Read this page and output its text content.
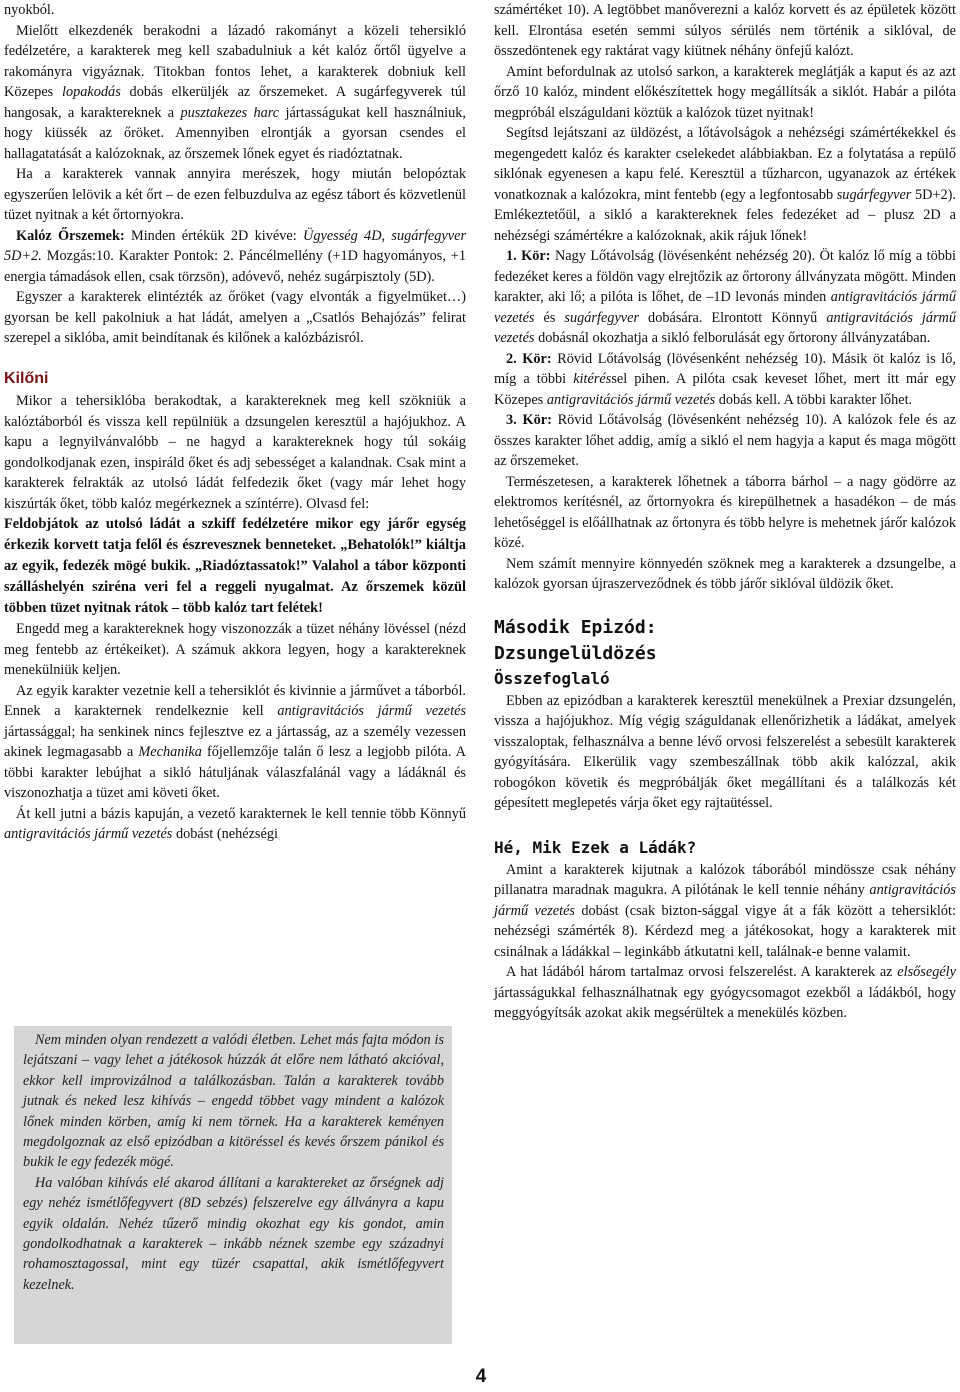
nyokból.

Mielőtt elkezdenék berakodni a lázadó rakományt a közeli tehersikló fedélzetére, a karakterek meg kell szabadulniuk a két kalóz őrtől ügyelve a rakományra vigyáznak. Titokban fontos lehet, a karakterek dobniuk kell Közepes lopakodás dobás elkerüljék az őrszemeket. A sugárfegyverek túl hangosak, a karaktereknek a pusztakezes harc jártasságukat kell használniuk, hogy kiüssék az őröket. Amennyiben elrontják a gyorsan csendes el hallagatatását a kalózoknak, az őrszemek lőnek egyet és riadóztatnak.

Ha a karakterek vannak annyira merészek, hogy miután belopóztak egyszerűen lelövik a két őrt – de ezen felbuzdulva az egész tábort és közvetlenül tüzet nyitnak a két őrtornyokra.

Kalóz Őrszemek: Minden értékük 2D kivéve: Ügyesség 4D, sugárfegyver 5D+2. Mozgás:10. Karakter Pontok: 2. Páncélmellény (+1D hagyományos, +1 energia támadások ellen, csak törzsön), adóvevő, nehéz sugárpisztoly (5D).

Egyszer a karakterek elintézték az őröket (vagy elvonták a figyelmüket…) gyorsan be kell pakolniuk a hat ládát, amelyen a „Csatlós Behajózás” felirat szerepel a siklóba, amit beindítanak és kilőnek a kalózbázisról.

Kilőni

Mikor a tehersiklóba berakodtak, a karaktereknek meg kell szökniük a kalóztáborból és vissza kell repülniük a dzsungelen keresztül a hajójukhoz. A kapu a legnyilvánvalóbb – ne hagyd a karaktereknek hogy túl sokáig gondolkodjanak ezen, inspiráld őket és adj sebességet a kalandnak. Csak mint a karakterek felrakták az utolsó ládát felfedezik őket (vagy már lehet hogy kiszúrták őket, több kalóz megérkeznek a színtérre). Olvasd fel:

Feldobjátok az utolsó ládát a szkiff fedélzetére mikor egy járőr egység érkezik korvett tatja felől és észrevesznek benneteket. „Behatolók!” kiáltja az egyik, fedezék mögé bukik. „Riadóztassatok!” Valahol a tábor központi szálláshelyén sziréna veri fel a reggeli nyugalmat. Az őrszemek közül többen tüzet nyitnak rátok – több kalóz tart felétek!

Engedd meg a karaktereknek hogy viszonozzák a tüzet néhány lövéssel (nézd meg fentebb az értékeiket). A számuk akkora legyen, hogy a karaktereknek menekülniük keljen.

Az egyik karakter vezetnie kell a tehersiklót és kivinnie a járművet a táborból. Ennek a karakternek rendelkeznie kell antigravitációs jármű vezetés jártassággal; ha senkinek nincs fejlesztve ez a jártasság, az a személy vezessen akinek legmagasabb a Mechanika főjellemzője talán ő lesz a legjobb pilóta. A többi karakter lebújhat a sikló hátuljának válaszfalánál vagy a ládáknál és viszonozhatja a tüzet ami követi őket.

Át kell jutni a bázis kapuján, a vezető karakternek le kell tennie több Könnyű antigravitációs jármű vezetés dobást (nehézségi

Nem minden olyan rendezett a valódi életben. Lehet más fajta módon is lejátszani – vagy lehet a játékosok húzzák át előre nem látható akcióval, ekkor kell improvizálnod a találkozásban. Talán a karakterek tovább jutnak és neked lesz kihívás – engedd többet vagy mindent a kalózok lőnek minden körben, amíg ki nem törnek. Ha a karakterek keményen megdolgoznak az első epizódban a kitöréssel és kevés őrszem pánikol és bukik le egy fedezék mögé.

Ha valóban kihívás elé akarod állítani a karaktereket az őrségnek adj egy nehéz ismétlőfegyvert (8D sebzés) felszerelve egy állványra a kapu egyik oldalán. Nehéz tűzerő mindig okozhat egy kis gondot, amin gondolkodhatnak a karakterek – inkább néznek szembe egy századnyi rohamosztagossal, mint egy tüzér csapattal, akik ismétlőfegyvert kezelnek.

számértéket 10). A legtöbbet manőverezni a kalóz korvett és az épületek között kell. Elrontása esetén semmi súlyos sérülés nem történik a siklóval, de összedöntenek egy raktárat vagy kiütnek néhány önfejű kalózt.

Amint befordulnak az utolsó sarkon, a karakterek meglátják a kaput és az azt őrző 10 kalóz, mindent előkészítettek hogy megállítsák a siklót. Habár a pilóta megpróbál elszáguldani köztük a kalózok tüzet nyitnak!

Segítsd lejátszani az üldözést, a lőtávolságok a nehézségi számértékekkel és megengedett kalóz és karakter cselekedet alábbiakban. Ez a folytatása a repülő siklónak egyenesen a kapu felé. Keresztül a tűzharcon, ugyanazok az értékek vonatkoznak a kalózokra, mint fentebb (egy a legfontosabb sugárfegyver 5D+2). Emlékeztetőül, a sikló a karaktereknek feles fedezéket ad – plusz 2D a nehézségi számértékre a kalózoknak, akik rájuk lőnek!

1. Kör: Nagy Lőtávolság (lövésenként nehézség 20). Öt kalóz lő míg a többi fedezéket keres a földön vagy elrejtőzik az őrtorony állványzata mögött. Minden karakter, aki lő; a pilóta is lőhet, de –1D levonás minden antigravitációs jármű vezetés és sugárfegyver dobására. Elrontott Könnyű antigravitációs jármű vezetés dobásnál okozhatja a sikló felborulását egy őrtorony állványzatában.

2. Kör: Rövid Lőtávolság (lövésenként nehézség 10). Másik öt kalóz is lő, míg a többi kitéréssel pihen. A pilóta csak keveset lőhet, mert itt már egy Közepes antigravitációs jármű vezetés dobás kell. A többi karakter lőhet.

3. Kör: Rövid Lőtávolság (lövésenként nehézség 10). A kalózok fele és az összes karakter lőhet addig, amíg a sikló el nem hagyja a kaput és maga mögött az őrszemeket.

Természetesen, a karakterek lőhetnek a táborra bárhol – a nagy gödörre az elektromos kerítésnél, az őrtornyokra és kirepülhetnek a hasadékon – de más lehetőséggel is előállhatnak az őrtonyra és több helyre is mehetnek járőr kalózok közé.

Nem számít mennyire könnyedén szöknek meg a karakterek a dzsungelbe, a kalózok gyorsan újraszerveződnek és több járőr siklóval üldözik őket.

Második Epizód:
Dzsungelüldözés
Összefoglaló

Ebben az epizódban a karakterek keresztül menekülnek a Prexiar dzsungelén, vissza a hajójukhoz. Míg végig száguldanak ellenőrizhetik a ládákat, amelyek visszaloptak, felhasználva a benne lévő orvosi felszerelést a sebesült karakterek gyógyítására. Elkerülik vagy szembeszállnak több akik kalózzal, akik robogókon követik és megpróbálják őket megállítani és a találkozás két gépesített meglepetés várja őket egy rajtaütéssel.

Hé, Mik Ezek a Ládák?

Amint a karakterek kijutnak a kalózok táborából mindössze csak néhány pillanatra maradnak magukra. A pilótának le kell tennie néhány antigravitációs jármű vezetés dobást (csak bizton-sággal vigye át a fák között a tehersiklót: nehézségi számérték 8). Kérdezd meg a játékosokat, hogy a karakterek mit csinálnak a ládákkal – leginkább átkutatni kell, találnak-e benne valamit.

A hat ládából három tartalmaz orvosi felszerelést. A karakterek az elsősegély jártasságukkal felhasználhatnak egy gyógycsomagot ezekből a ládákból, hogy meggyógyítsák azokat akik megsérültek a menekülés közben.

4
